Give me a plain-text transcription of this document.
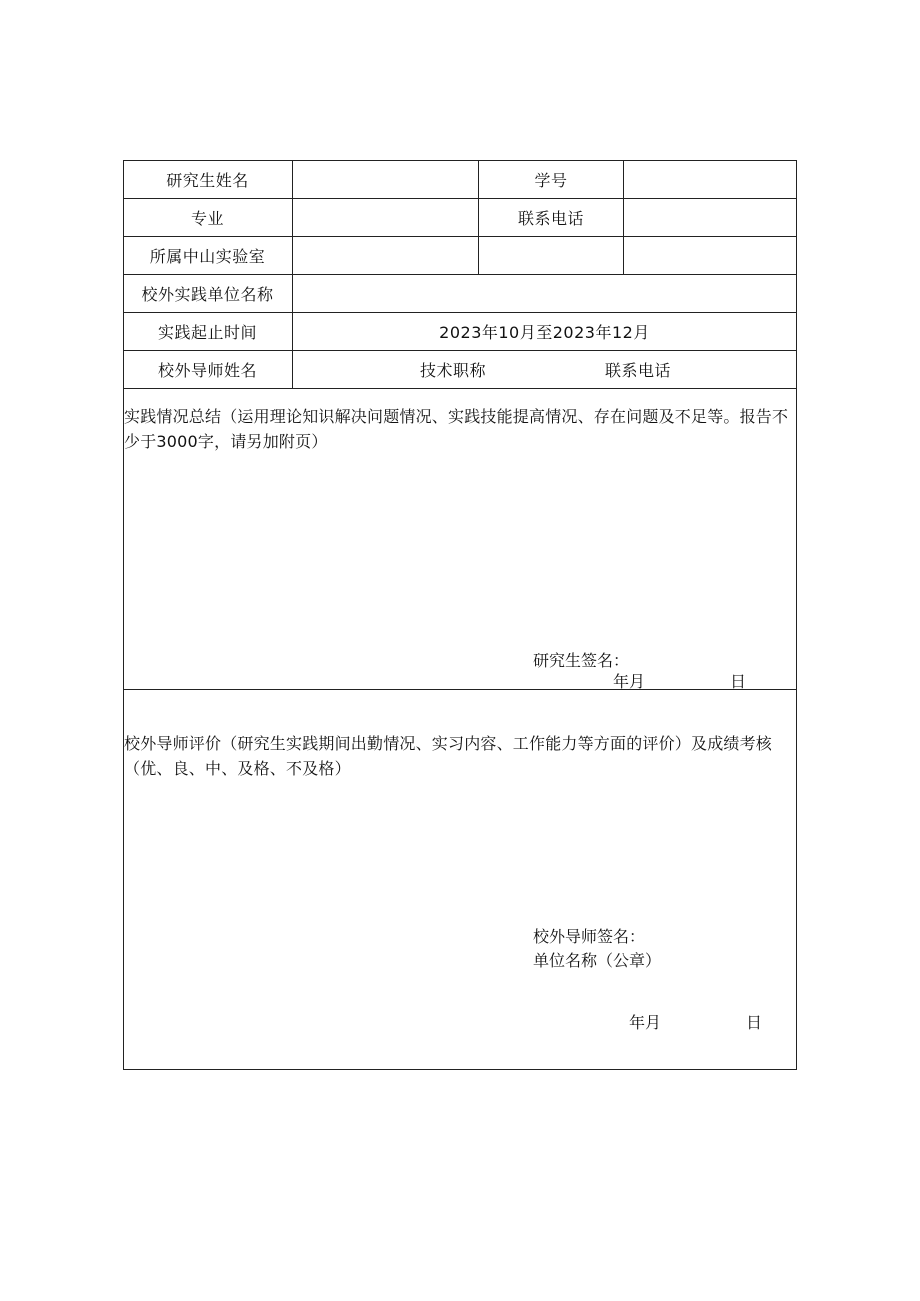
研究生姓名	学号
专业	联系电话
所属中山实验室
校外实践单位名称
实践起止时间	2023年10月至2023年12月
校外导师姓名	技术职称	联系电话
实践情况总结（运用理论知识解决问题情况、实践技能提高情况、存在问题及不足等。报告不少于3000字，请另加附页）
研究生签名：
年月	日
校外导师评价（研究生实践期间出勤情况、实习内容、工作能力等方面的评价）及成绩考核（优、良、中、及格、不及格）
校外导师签名：
单位名称（公章）
年月	日
